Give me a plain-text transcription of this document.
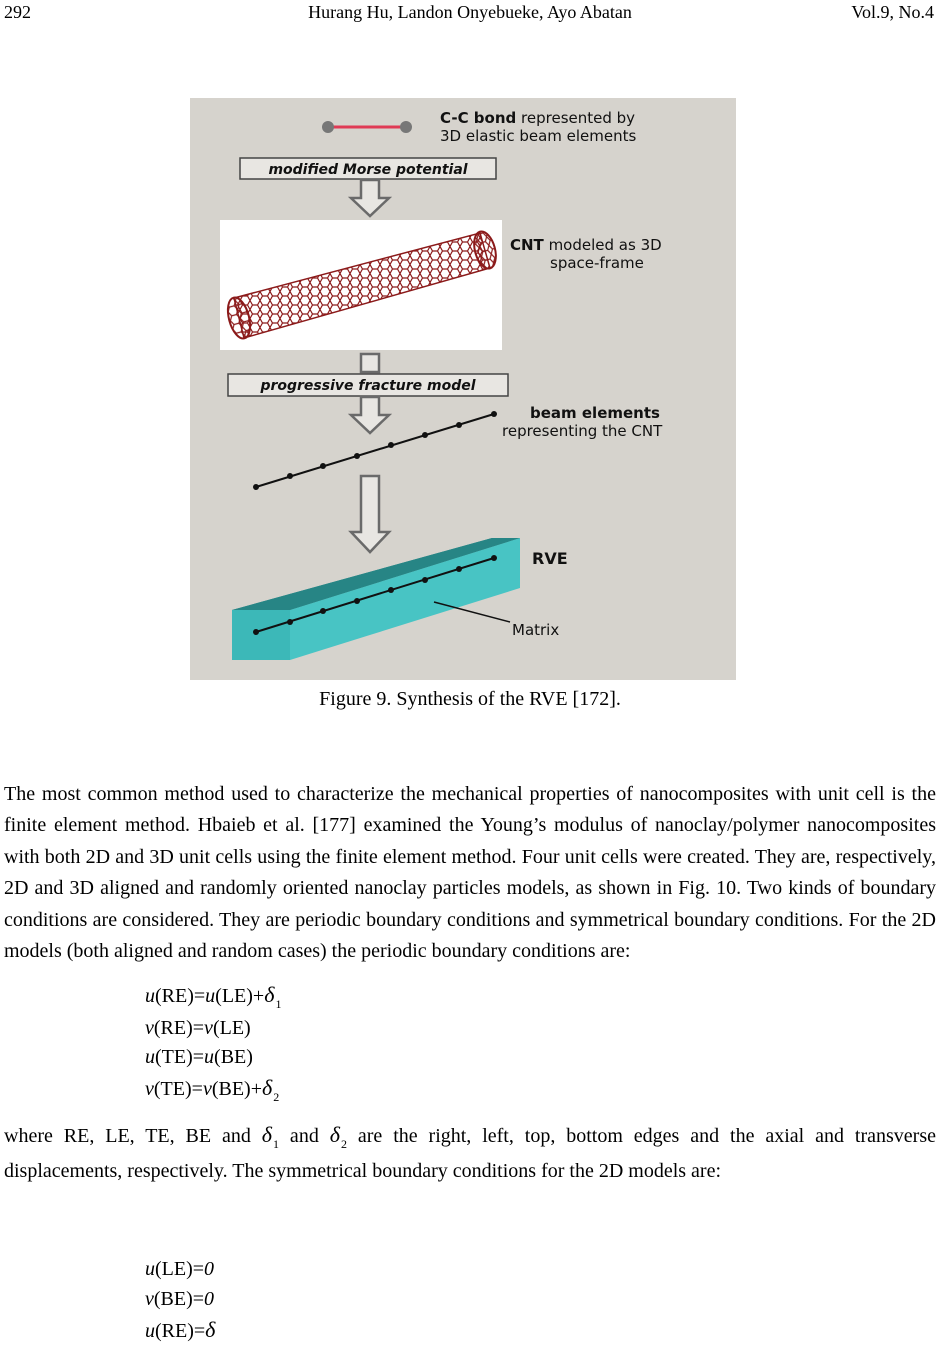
292	Hurang Hu, Landon Onyebueke, Ayo Abatan	Vol.9, No.4
C-C bond represented by
3D elastic beam elements
modified Morse potential
CNT modeled as 3D
space-frame
progressive fracture model
beam elements
representing the CNT
RVE
Matrix
Figure 9. Synthesis of the RVE [172].
The most common method used to characterize the mechanical properties of nanocomposites with unit cell is the finite element method. Hbaieb et al. [177] examined the Young’s modulus of nanoclay/polymer nanocomposites with both 2D and 3D unit cells using the finite element method. Four unit cells were created. They are, respectively, 2D and 3D aligned and randomly oriented nanoclay particles models, as shown in Fig. 10. Two kinds of boundary conditions are considered. They are periodic boundary conditions and symmetrical boundary conditions. For the 2D models (both aligned and random cases) the periodic boundary conditions are:
$u(RE)=u(LE)+\delta_1$
v(RE)=v(LE)
u(TE)=u(BE)
$v(TE)=v(BE)+\delta_2$
where RE, LE, TE, BE and $\delta_1$ and $\delta_2$ are the right, left, top, bottom edges and the axial and transverse displacements, respectively. The symmetrical boundary conditions for the 2D models are:
u(LE)=0
v(BE)=0
u(RE)=δ
